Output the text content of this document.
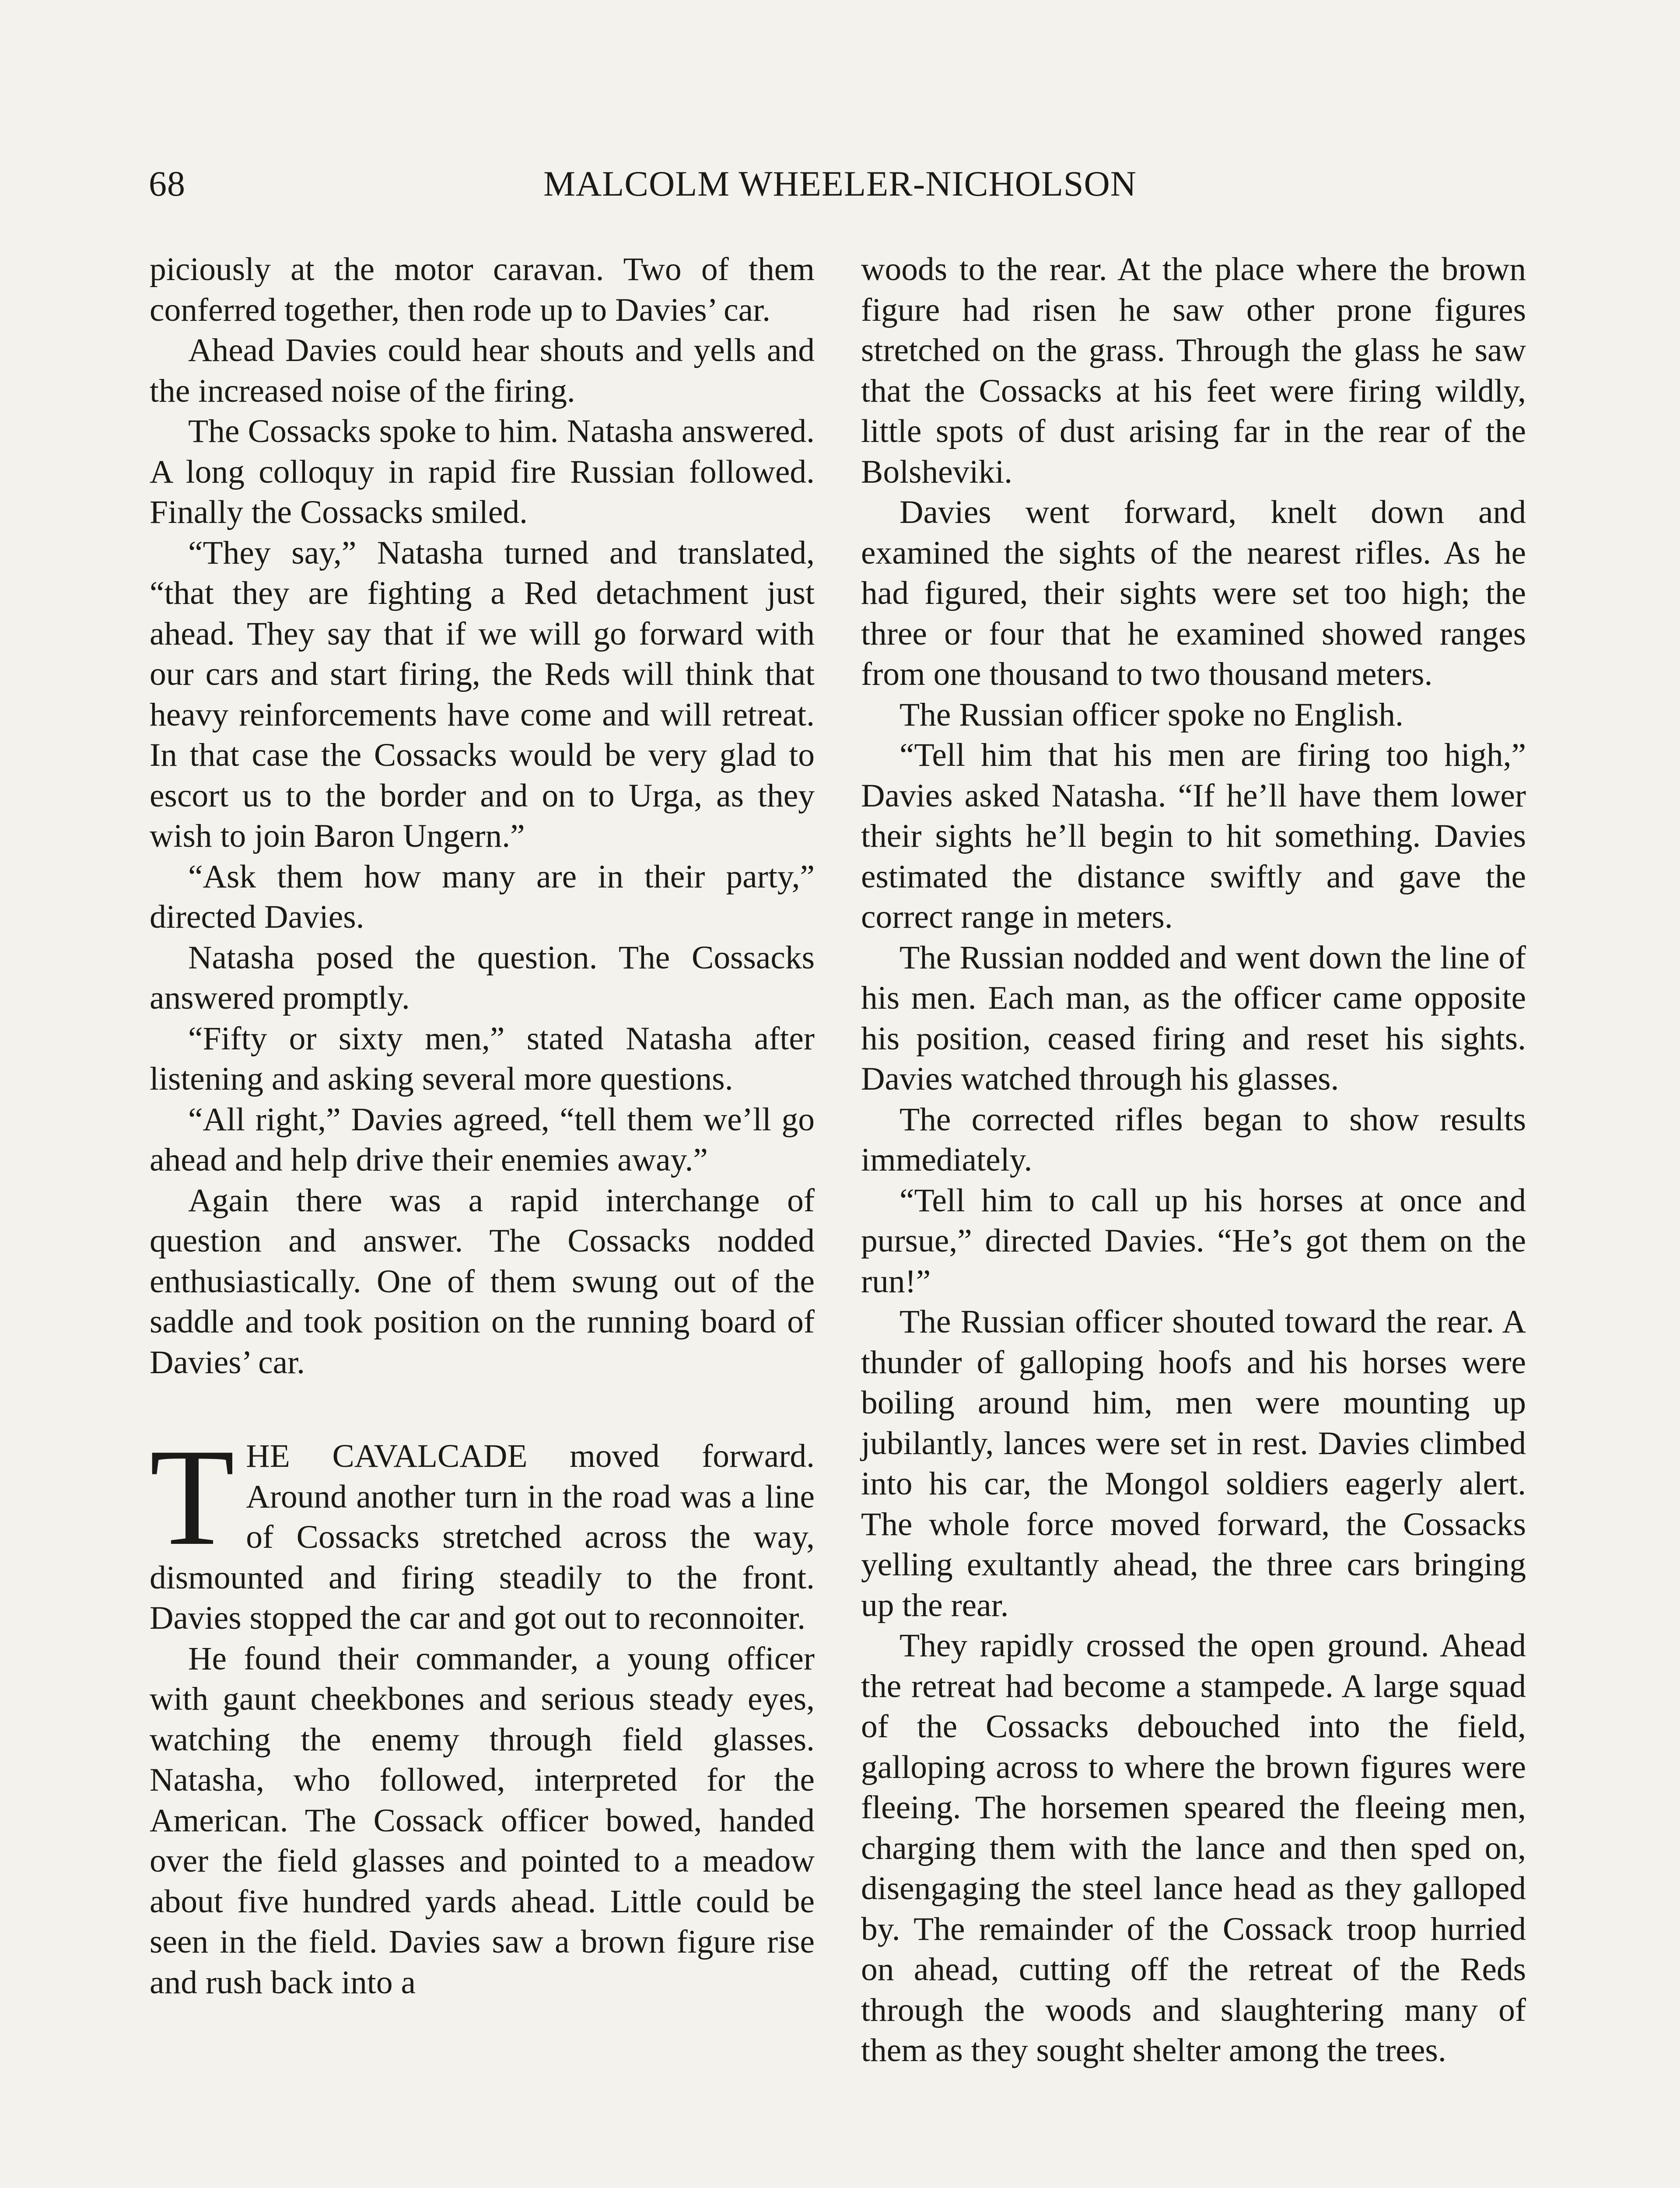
68	MALCOLM WHEELER-NICHOLSON

piciously at the motor caravan. Two of them conferred together, then rode up to Davies’ car.

Ahead Davies could hear shouts and yells and the increased noise of the firing.

The Cossacks spoke to him. Natasha answered. A long colloquy in rapid fire Russian followed. Finally the Cossacks smiled.

“They say,” Natasha turned and translated, “that they are fighting a Red detachment just ahead. They say that if we will go forward with our cars and start firing, the Reds will think that heavy reinforcements have come and will retreat. In that case the Cossacks would be very glad to escort us to the border and on to Urga, as they wish to join Baron Ungern.”

“Ask them how many are in their party,” directed Davies.

Natasha posed the question. The Cossacks answered promptly.

“Fifty or sixty men,” stated Natasha after listening and asking several more questions.

“All right,” Davies agreed, “tell them we’ll go ahead and help drive their enemies away.”

Again there was a rapid interchange of question and answer. The Cossacks nodded enthusiastically. One of them swung out of the saddle and took position on the running board of Davies’ car.

THE CAVALCADE moved forward. Around another turn in the road was a line of Cossacks stretched across the way, dismounted and firing steadily to the front. Davies stopped the car and got out to reconnoiter.

He found their commander, a young officer with gaunt cheekbones and serious steady eyes, watching the enemy through field glasses. Natasha, who followed, interpreted for the American. The Cossack officer bowed, handed over the field glasses and pointed to a meadow about five hundred yards ahead. Little could be seen in the field. Davies saw a brown figure rise and rush back into a

woods to the rear. At the place where the brown figure had risen he saw other prone figures stretched on the grass. Through the glass he saw that the Cossacks at his feet were firing wildly, little spots of dust arising far in the rear of the Bolsheviki.

Davies went forward, knelt down and examined the sights of the nearest rifles. As he had figured, their sights were set too high; the three or four that he examined showed ranges from one thousand to two thousand meters.

The Russian officer spoke no English.

“Tell him that his men are firing too high,” Davies asked Natasha. “If he’ll have them lower their sights he’ll begin to hit something. Davies estimated the distance swiftly and gave the correct range in meters.

The Russian nodded and went down the line of his men. Each man, as the officer came opposite his position, ceased firing and reset his sights. Davies watched through his glasses.

The corrected rifles began to show results immediately.

“Tell him to call up his horses at once and pursue,” directed Davies. “He’s got them on the run!”

The Russian officer shouted toward the rear. A thunder of galloping hoofs and his horses were boiling around him, men were mounting up jubilantly, lances were set in rest. Davies climbed into his car, the Mongol soldiers eagerly alert. The whole force moved forward, the Cossacks yelling exultantly ahead, the three cars bringing up the rear.

They rapidly crossed the open ground. Ahead the retreat had become a stampede. A large squad of the Cossacks debouched into the field, galloping across to where the brown figures were fleeing. The horsemen speared the fleeing men, charging them with the lance and then sped on, disengaging the steel lance head as they galloped by. The remainder of the Cossack troop hurried on ahead, cutting off the retreat of the Reds through the woods and slaughtering many of them as they sought shelter among the trees.
